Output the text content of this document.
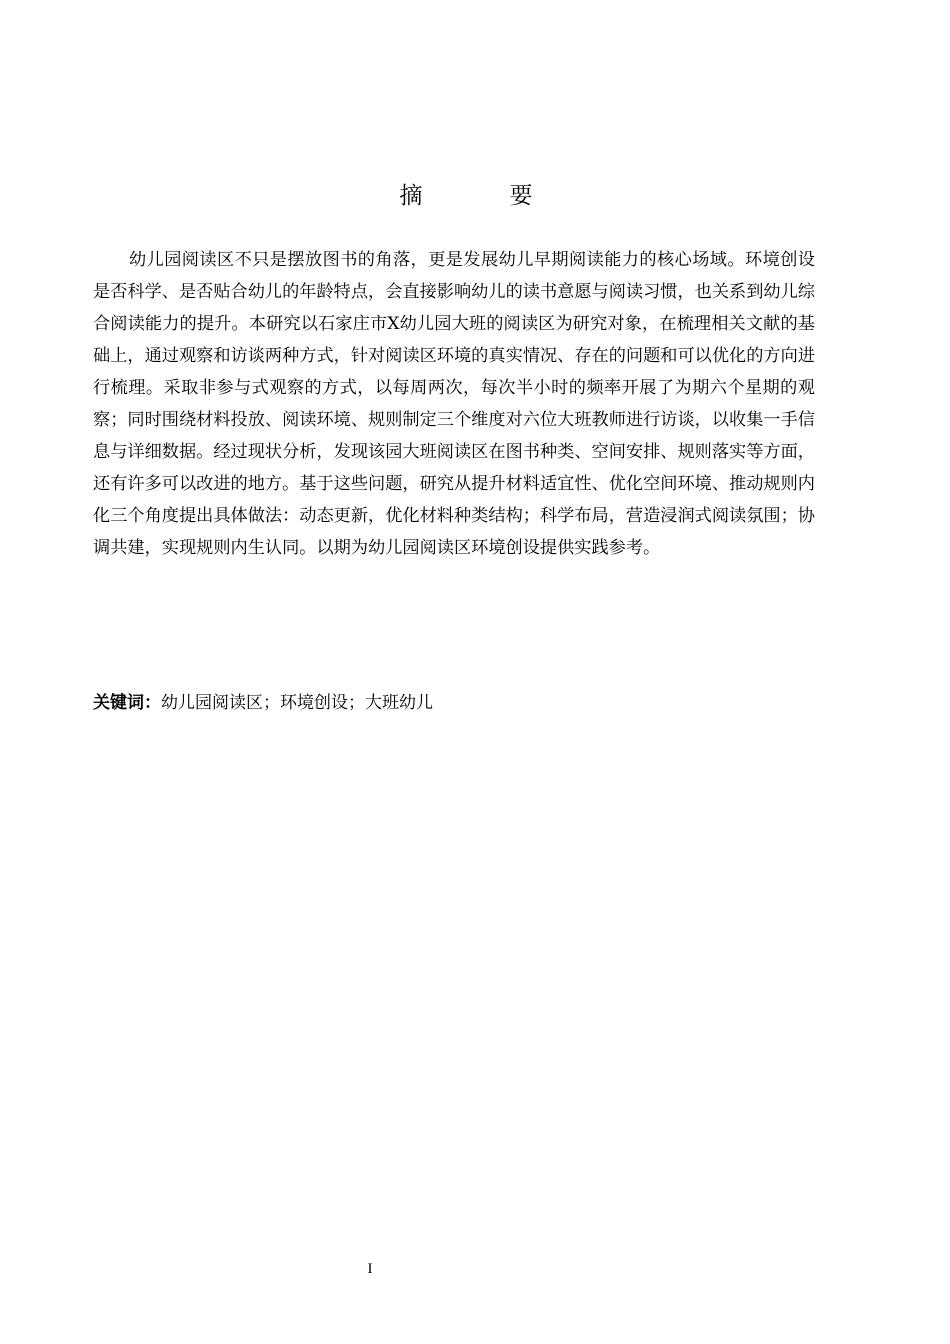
摘　要

幼儿园阅读区不只是摆放图书的角落，更是发展幼儿早期阅读能力的核心场域。环境创设是否科学、是否贴合幼儿的年龄特点，会直接影响幼儿的读书意愿与阅读习惯，也关系到幼儿综合阅读能力的提升。本研究以石家庄市X幼儿园大班的阅读区为研究对象，在梳理相关文献的基础上，通过观察和访谈两种方式，针对阅读区环境的真实情况、存在的问题和可以优化的方向进行梳理。采取非参与式观察的方式，以每周两次，每次半小时的频率开展了为期六个星期的观察；同时围绕材料投放、阅读环境、规则制定三个维度对六位大班教师进行访谈，以收集一手信息与详细数据。经过现状分析，发现该园大班阅读区在图书种类、空间安排、规则落实等方面，还有许多可以改进的地方。基于这些问题，研究从提升材料适宜性、优化空间环境、推动规则内化三个角度提出具体做法：动态更新，优化材料种类结构；科学布局，营造浸润式阅读氛围；协调共建，实现规则内生认同。以期为幼儿园阅读区环境创设提供实践参考。

关键词：幼儿园阅读区；环境创设；大班幼儿
I
